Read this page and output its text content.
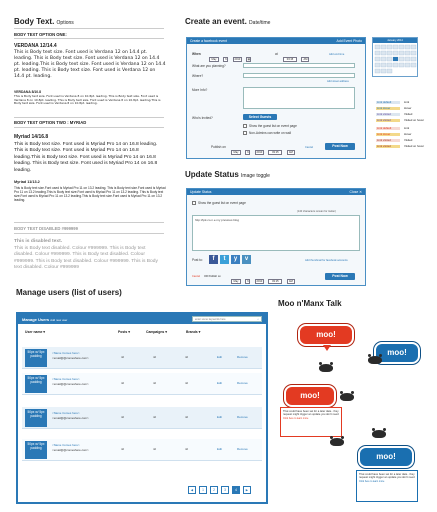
Body Text. Options
BODY TEXT OPTION ONE:
VERDANA 12/14.4
This is Body text size. Font used is Verdana 12 on 14.4 pt. leading. This is Body text size. Font used is Verdana 12 on 14.4 pt. leading.This is Body text size. Font used is Verdana 12 on 14.4 pt. leading. This is Body text size. Font used is Verdana 12 on 14.4 pt. leading.
VERDANA 8/10.8
This is Body text size. Font used is Verdana 8 on 10.8pt. leading. This is Body text size. Font used is Verdana 8 on 10.8pt. leading. This is Body text size. Font used is Verdana 8 on 10.8pt. leading.This is Body text size. Font used is Verdana 8 on 10.8pt. leading.
BODY TEXT OPTION TWO : MYRIAD
Myriad 14/16.8
This is Body text size. Font used is Myriad Pro 14 on 16.8 leading. This is Body text size. Font used is Myriad Pro 14 on 16.8 leading.This is Body text size. Font used is Myriad Pro 14 on 16.8 leading. This is Body text size. Font used is Myriad Pro 14 on 16.8 leading.
Myriad 11/13.2
This is Body text size.Font used is Myriad Pro 11 on 13.2 leading. This is Body text size.Font used is Myriad Pro 11 on 13.2 leading.This is Body text size.Font used is Myriad Pro 11 on 13.2 leading. This is Body text size.Font used is Myriad Pro 11 on 13.2 leading.This is Body text size.Font used is Myriad Pro 11 on 13.2 leading.
BODY TEXT DISABLED #999999
This is disabled text.
This is Body text disabled. Colour #999999. This is Body text disabled. Colour #999999. This is Body text disabled. Colour #999999. This is Body text disabled. Colour #999999. This is Body text disabled. Colour #999999
Create an event. Date/time
Create a facebook event	Add Event Photo
When
May	6	2013	▦
at
03:15	AM
Add end time
What are you planning?
Where?
Add street address
More Info?
Who's Invited?	Select Guests
Show the guest list on event page
Non-Admins can write on wall
Publish on
May	6	2013	03:15	AM
Cancel	Post Now
January 2014
Link default	Link
Link Hover	Hover
Link visited	Visited
Link visited	Visited on hover
Link default	Link
Link Hover	Hover
Link visited	Visited
Link visited	Visited on hover
Update Status Image toggle
Update Status	Close ✕
Show the guest list on event page
(140 characters remain for twitter)
http://tpk.co.n.e.my previous blog
Post to:	f	t	y	v	Add thumbnail for facebook accounts
Cancel OR Publish on
May	6	2013	03:15	AM
Post Now
Manage users (list of users)
Manage Users Add new user	enter some keywords here	⌕
User name ▾	Posts ▾	Campaigns ▾	Brands ▾
50px w/ 5px padding
<Name Comes here>
<email@@comeshere.com>	nil	nil	nil	Edit	Remove
50px w/ 5px padding
<Name Comes here>
<email@@comeshere.com>	nil	nil	nil	Edit	Remove
50px w/ 5px padding
<Name Comes here>
<email@@comeshere.com>	nil	nil	nil	Edit	Remove
50px w/ 5px padding
<Name Comes here>
<email@@comeshere.com>	nil	nil	nil	Edit	Remove
◀	1	2	3	4	▶
Moo n'Manx Talk
moo!
moo!
moo!
That could have been set for a later date.. they request might trigger an update you don't need
Click here to learn more
moo!
That could have been set for a later date.. they request might trigger an update you don't need
Click here to learn more
